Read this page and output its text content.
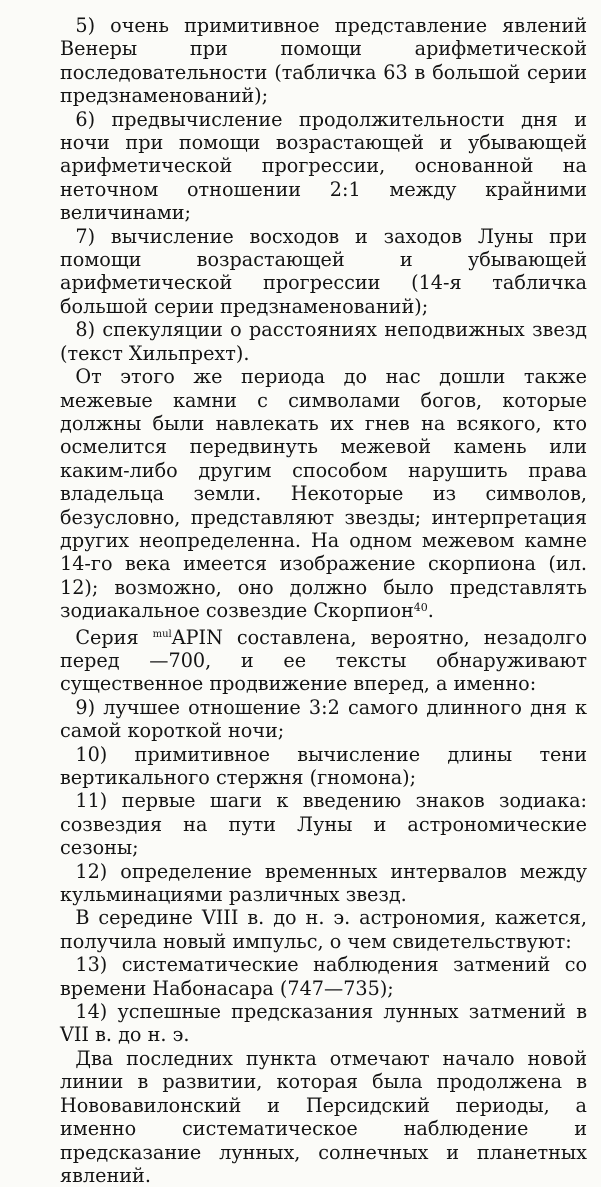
5) очень примитивное представление явлений Венеры при помощи арифметической последовательности (табличка 63 в большой серии предзнаменований);

6) предвычисление продолжительности дня и ночи при помощи возрастающей и убывающей арифметической прогрессии, основанной на неточном отношении 2:1 между крайними величинами;

7) вычисление восходов и заходов Луны при помощи возрастающей и убывающей арифметической прогрессии (14-я табличка большой серии предзнаменований);

8) спекуляции о расстояниях неподвижных звезд (текст Хильпрехт).

От этого же периода до нас дошли также межевые камни с символами богов, которые должны были навлекать их гнев на всякого, кто осмелится передвинуть межевой камень или каким-либо другим способом нарушить права владельца земли. Некоторые из символов, безусловно, представляют звезды; интерпретация других неопределенна. На одном межевом камне 14-го века имеется изображение скорпиона (ил. 12); возможно, оно должно было представлять зодиакальное созвездие Скорпион$^{40}$.

Серия $^{mul}$APIN составлена, вероятно, незадолго перед —700, и ее тексты обнаруживают существенное продвижение вперед, а именно:

9) лучшее отношение 3:2 самого длинного дня к самой короткой ночи;

10) примитивное вычисление длины тени вертикального стержня (гномона);

11) первые шаги к введению знаков зодиака: созвездия на пути Луны и астрономические сезоны;

12) определение временных интервалов между кульминациями различных звезд.

В середине VIII в. до н. э. астрономия, кажется, получила новый импульс, о чем свидетельствуют:

13) систематические наблюдения затмений со времени Набонасара (747—735);

14) успешные предсказания лунных затмений в VII в. до н. э.

Два последних пункта отмечают начало новой линии в развитии, которая была продолжена в Нововавилонский и Персидский периоды, а именно систематическое наблюдение и предсказание лунных, солнечных и планетных явлений.
